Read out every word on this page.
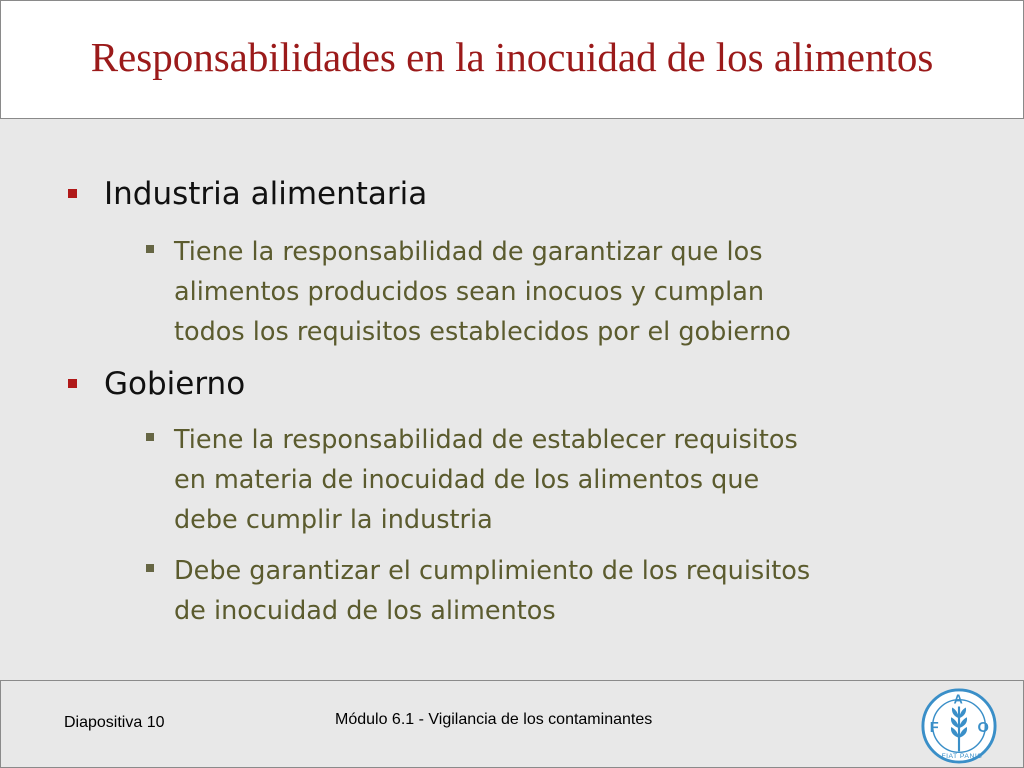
Responsabilidades en la inocuidad de los alimentos
Industria alimentaria
Tiene la responsabilidad de garantizar que los
alimentos producidos sean inocuos y cumplan
todos los requisitos establecidos por el gobierno
Gobierno
Tiene la responsabilidad de establecer requisitos
en materia de inocuidad de los alimentos que
debe cumplir la industria
Debe garantizar el cumplimiento de los requisitos
de inocuidad de los alimentos
Diapositiva 10	Módulo 6.1 - Vigilancia de los contaminantes	F
A
O
FIAT PANIS
